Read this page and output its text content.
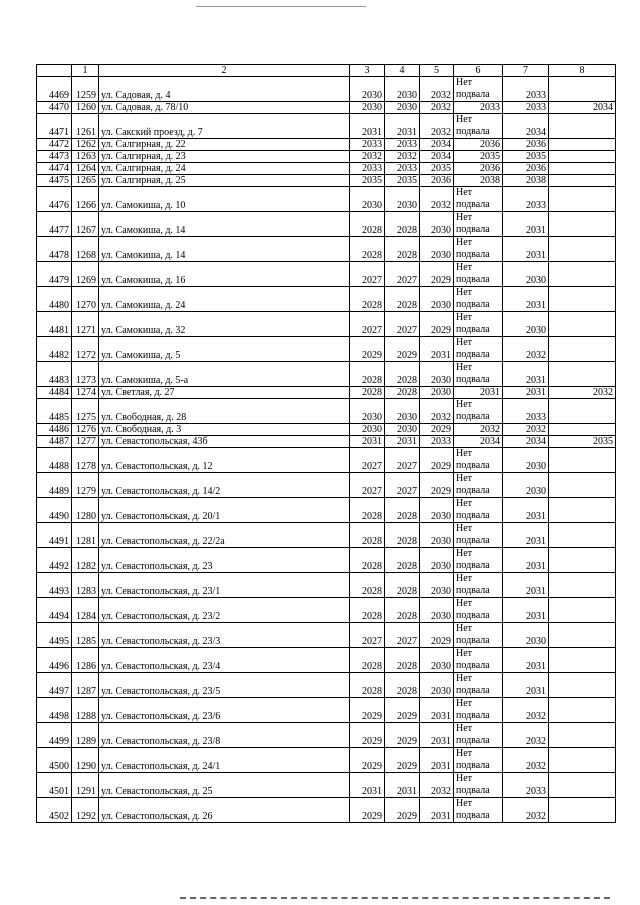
	1	2	3	4	5	6	7	8
4469	1259	ул. Садовая, д. 4	2030	2030	2032	Нет подвала	2033	
4470	1260	ул. Садовая, д. 78/10	2030	2030	2032	2033	2033	2034
4471	1261	ул. Сакский проезд, д. 7	2031	2031	2032	Нет подвала	2034	
4472	1262	ул. Салгирная, д. 22	2033	2033	2034	2036	2036	
4473	1263	ул. Салгирная, д. 23	2032	2032	2034	2035	2035	
4474	1264	ул. Салгирная, д. 24	2033	2033	2035	2036	2036	
4475	1265	ул. Салгирная, д. 25	2035	2035	2036	2038	2038	
4476	1266	ул. Самокиша, д. 10	2030	2030	2032	Нет подвала	2033	
4477	1267	ул. Самокиша, д. 14	2028	2028	2030	Нет подвала	2031	
4478	1268	ул. Самокиша, д. 14	2028	2028	2030	Нет подвала	2031	
4479	1269	ул. Самокиша, д. 16	2027	2027	2029	Нет подвала	2030	
4480	1270	ул. Самокиша, д. 24	2028	2028	2030	Нет подвала	2031	
4481	1271	ул. Самокиша, д. 32	2027	2027	2029	Нет подвала	2030	
4482	1272	ул. Самокиша, д. 5	2029	2029	2031	Нет подвала	2032	
4483	1273	ул. Самокиша, д. 5-а	2028	2028	2030	Нет подвала	2031	
4484	1274	ул. Светлая, д. 27	2028	2028	2030	2031	2031	2032
4485	1275	ул. Свободная, д. 28	2030	2030	2032	Нет подвала	2033	
4486	1276	ул. Свободная, д. 3	2030	2030	2029	2032	2032	
4487	1277	ул. Севастопольская, 43б	2031	2031	2033	2034	2034	2035
4488	1278	ул. Севастопольская, д. 12	2027	2027	2029	Нет подвала	2030	
4489	1279	ул. Севастопольская, д. 14/2	2027	2027	2029	Нет подвала	2030	
4490	1280	ул. Севастопольская, д. 20/1	2028	2028	2030	Нет подвала	2031	
4491	1281	ул. Севастопольская, д. 22/2а	2028	2028	2030	Нет подвала	2031	
4492	1282	ул. Севастопольская, д. 23	2028	2028	2030	Нет подвала	2031	
4493	1283	ул. Севастопольская, д. 23/1	2028	2028	2030	Нет подвала	2031	
4494	1284	ул. Севастопольская, д. 23/2	2028	2028	2030	Нет подвала	2031	
4495	1285	ул. Севастопольская, д. 23/3	2027	2027	2029	Нет подвала	2030	
4496	1286	ул. Севастопольская, д. 23/4	2028	2028	2030	Нет подвала	2031	
4497	1287	ул. Севастопольская, д. 23/5	2028	2028	2030	Нет подвала	2031	
4498	1288	ул. Севастопольская, д. 23/6	2029	2029	2031	Нет подвала	2032	
4499	1289	ул. Севастопольская, д. 23/8	2029	2029	2031	Нет подвала	2032	
4500	1290	ул. Севастопольская, д. 24/1	2029	2029	2031	Нет подвала	2032	
4501	1291	ул. Севастопольская, д. 25	2031	2031	2032	Нет подвала	2033	
4502	1292	ул. Севастопольская, д. 26	2029	2029	2031	Нет подвала	2032	
